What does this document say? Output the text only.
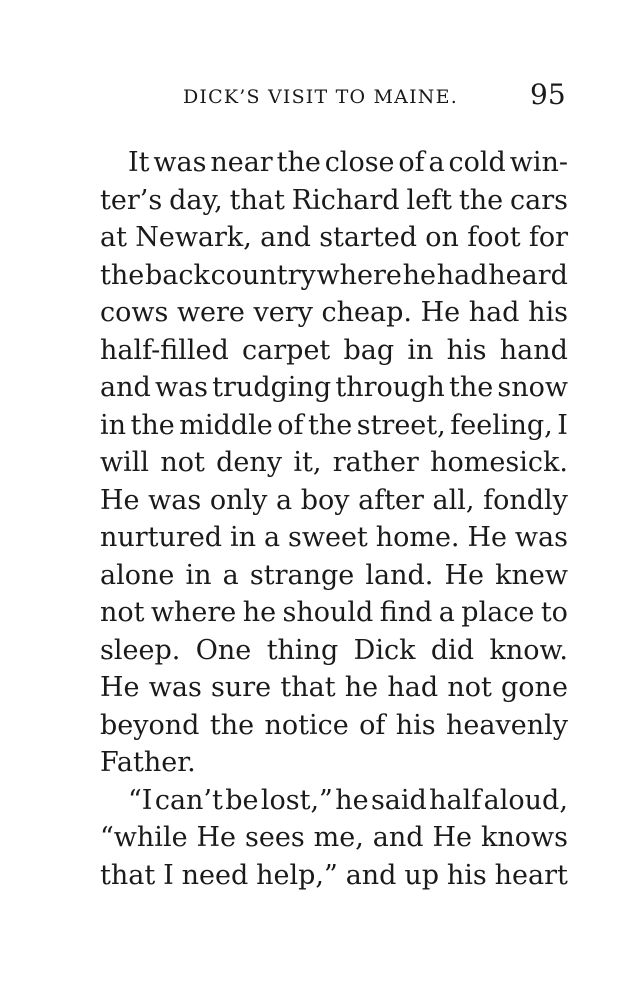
DICK’S VISIT TO MAINE.	95
It was near the close of a cold win-
ter’s day, that Richard left the cars
at Newark, and started on foot for
the back country where he had heard
cows were very cheap. He had his
half-filled carpet bag in his hand
and was trudging through the snow
in the middle of the street, feeling, I
will not deny it, rather homesick.
He was only a boy after all, fondly
nurtured in a sweet home. He was
alone in a strange land. He knew
not where he should find a place to
sleep. One thing Dick did know.
He was sure that he had not gone
beyond the notice of his heavenly
Father.
“I can’t be lost,” he said half aloud,
“while He sees me, and He knows
that I need help,” and up his heart
